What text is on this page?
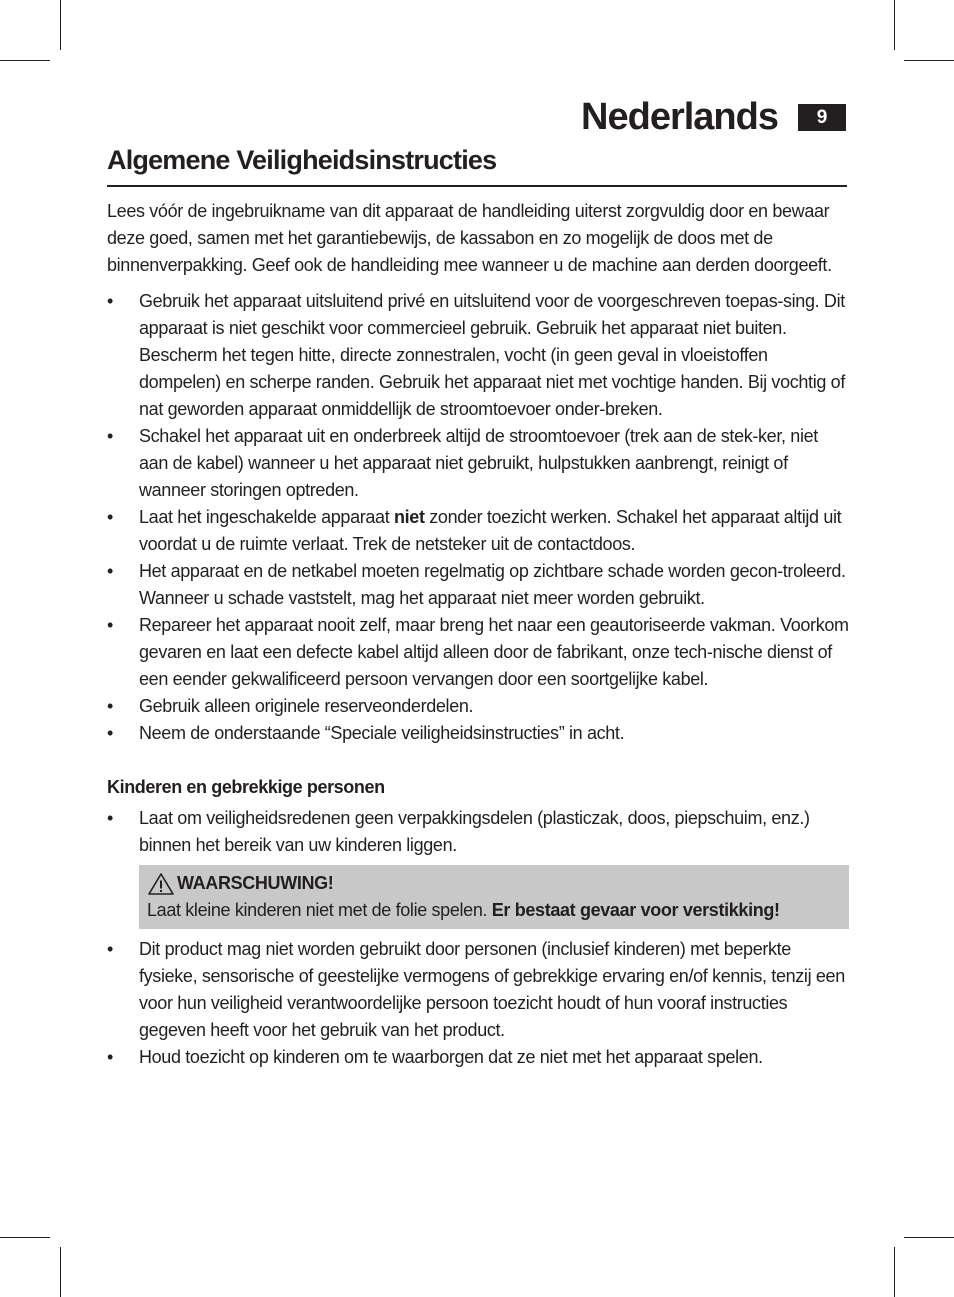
Nederlands	9
Algemene Veiligheidsinstructies

Lees vóór de ingebruikname van dit apparaat de handleiding uiterst zorgvuldig door en bewaar deze goed, samen met het garantiebewijs, de kassabon en zo mogelijk de doos met de binnenverpakking. Geef ook de handleiding mee wanneer u de machine aan derden doorgeeft.

• Gebruik het apparaat uitsluitend privé en uitsluitend voor de voorgeschreven toepas-sing. Dit apparaat is niet geschikt voor commercieel gebruik. Gebruik het apparaat niet buiten. Bescherm het tegen hitte, directe zonnestralen, vocht (in geen geval in vloeistoffen dompelen) en scherpe randen. Gebruik het apparaat niet met vochtige handen. Bij vochtig of nat geworden apparaat onmiddellijk de stroomtoevoer onder-breken.
• Schakel het apparaat uit en onderbreek altijd de stroomtoevoer (trek aan de stek-ker, niet aan de kabel) wanneer u het apparaat niet gebruikt, hulpstukken aanbrengt, reinigt of wanneer storingen optreden.
• Laat het ingeschakelde apparaat niet zonder toezicht werken. Schakel het apparaat altijd uit voordat u de ruimte verlaat. Trek de netsteker uit de contactdoos.
• Het apparaat en de netkabel moeten regelmatig op zichtbare schade worden gecon-troleerd. Wanneer u schade vaststelt, mag het apparaat niet meer worden gebruikt.
• Repareer het apparaat nooit zelf, maar breng het naar een geautoriseerde vakman. Voorkom gevaren en laat een defecte kabel altijd alleen door de fabrikant, onze tech-nische dienst of een eender gekwalificeerd persoon vervangen door een soortgelijke kabel.
• Gebruik alleen originele reserveonderdelen.
• Neem de onderstaande “Speciale veiligheidsinstructies” in acht.
Kinderen en gebrekkige personen
• Laat om veiligheidsredenen geen verpakkingsdelen (plasticzak, doos, piepschuim, enz.) binnen het bereik van uw kinderen liggen.
WAARSCHUWING!

Laat kleine kinderen niet met de folie spelen. Er bestaat gevaar voor verstikking!

• Dit product mag niet worden gebruikt door personen (inclusief kinderen) met beperkte fysieke, sensorische of geestelijke vermogens of gebrekkige ervaring en/of kennis, tenzij een voor hun veiligheid verantwoordelijke persoon toezicht houdt of hun vooraf instructies gegeven heeft voor het gebruik van het product.
• Houd toezicht op kinderen om te waarborgen dat ze niet met het apparaat spelen.
